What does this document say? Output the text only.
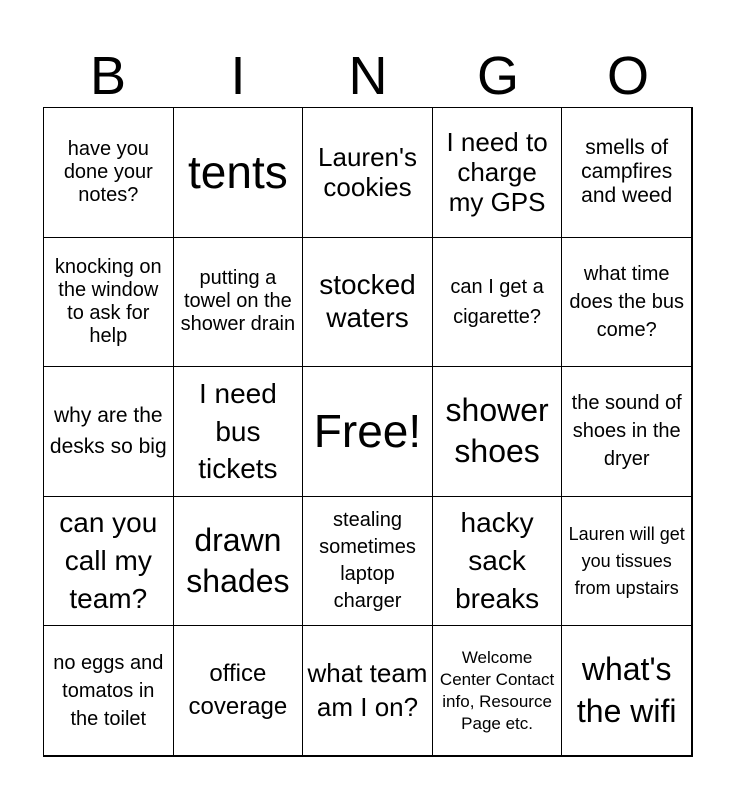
B	I	N	G	O
have you done your notes?	tents	Lauren's cookies
I need to charge my GPS
smells of campfires and weed
knocking on the window to ask for help
putting a towel on the shower drain
stocked waters
can I get a cigarette?
what time does the bus come?
why are the desks so big
I need bus tickets
Free! shower shoes
the sound of shoes in the dryer
can you call my team?
drawn shades
stealing sometimes laptop charger
hacky sack breaks
Lauren will get you tissues from upstairs
no eggs and tomatos in the toilet
office coverage
what team am I on?
Welcome Center Contact info, Resource Page etc.
what's the wifi
